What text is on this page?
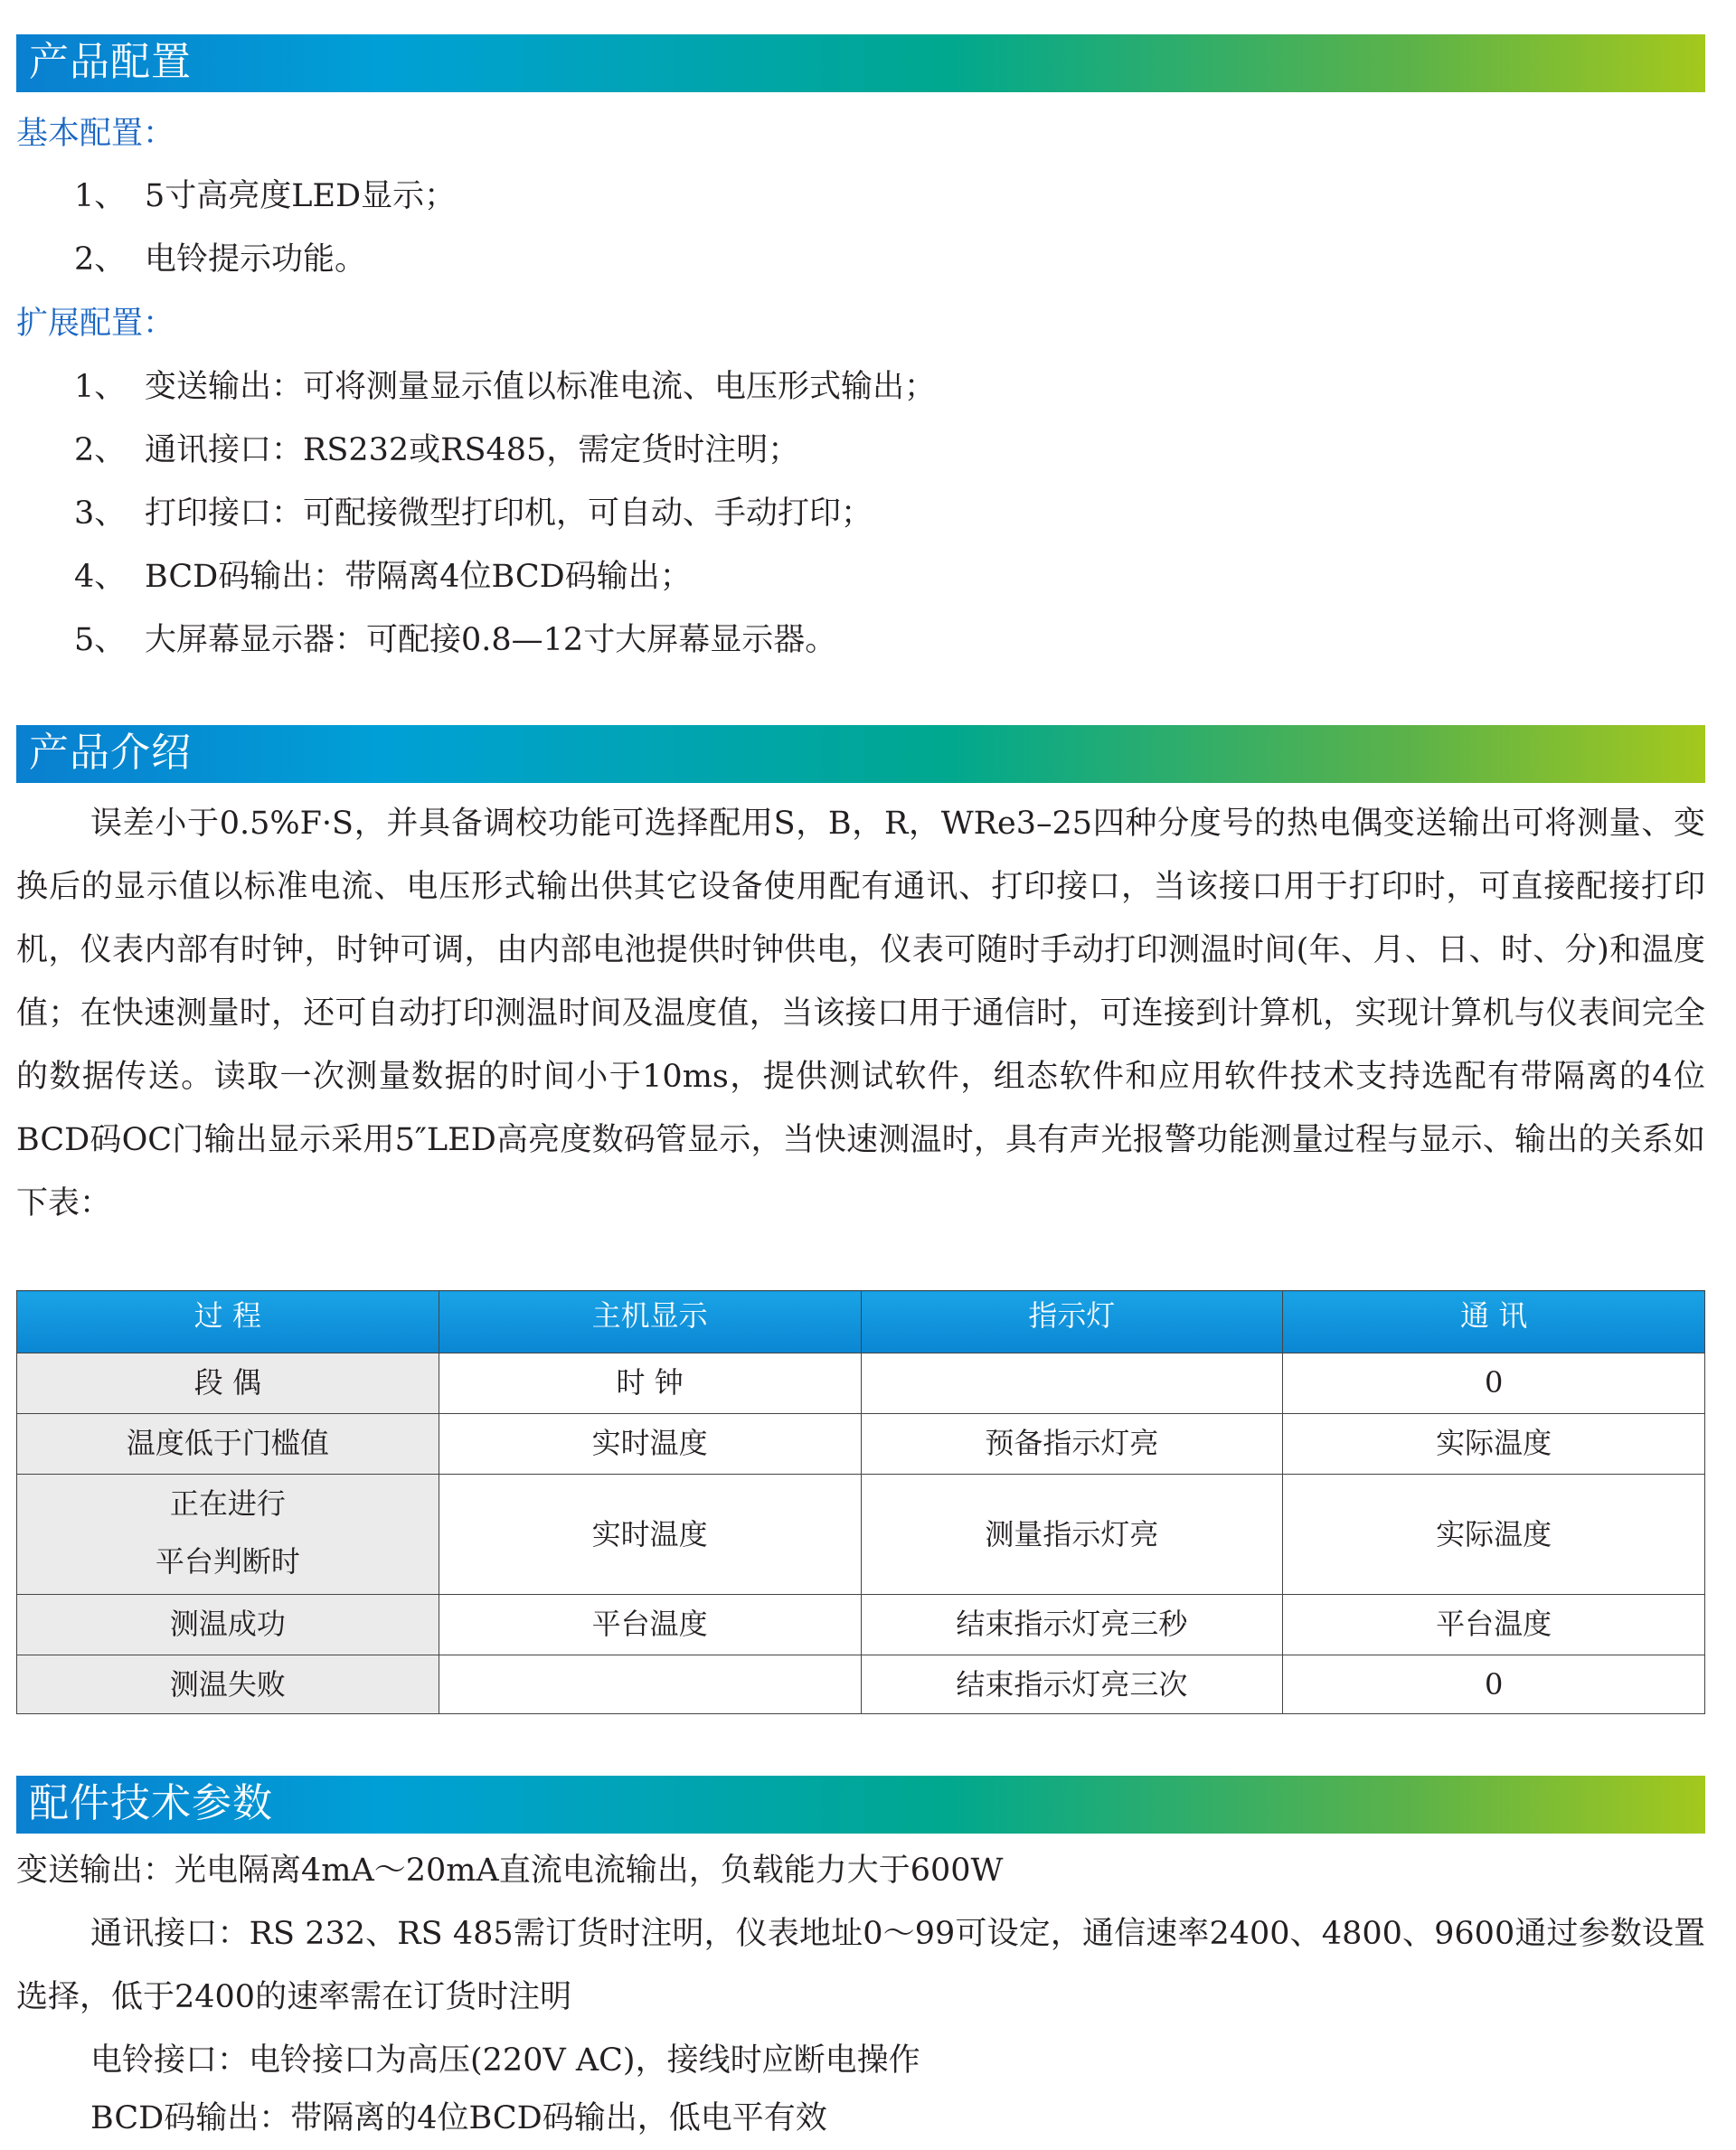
产品配置
基本配置：
1、 5寸高亮度LED显示；
2、 电铃提示功能。
扩展配置：
1、 变送输出：可将测量显示值以标准电流、电压形式输出；
2、 通讯接口：RS232或RS485，需定货时注明；
3、 打印接口：可配接微型打印机，可自动、手动打印；
4、 BCD码输出：带隔离4位BCD码输出；
5、 大屏幕显示器：可配接0.8—12寸大屏幕显示器。
产品介绍

误差小于0.5%F·S，并具备调校功能可选择配用S，B，R，WRe3–25四种分度号的热电偶变送输出可将测量、变换后的显示值以标准电流、电压形式输出供其它设备使用配有通讯、打印接口，当该接口用于打印时，可直接配接打印机，仪表内部有时钟，时钟可调，由内部电池提供时钟供电，仪表可随时手动打印测温时间(年、月、日、时、分)和温度值；在快速测量时，还可自动打印测温时间及温度值，当该接口用于通信时，可连接到计算机，实现计算机与仪表间完全的数据传送。读取一次测量数据的时间小于10ms，提供测试软件，组态软件和应用软件技术支持选配有带隔离的4位BCD码OC门输出显示采用5″LED高亮度数码管显示，当快速测温时，具有声光报警功能测量过程与显示、输出的关系如下表：

过 程	主机显示	指示灯	通 讯
段 偶	时 钟		0
温度低于门槛值	实时温度	预备指示灯亮	实际温度

正在进行
平台判断时	实时温度	测量指示灯亮	实际温度
测温成功	平台温度	结束指示灯亮三秒	平台温度
测温失败		结束指示灯亮三次	0
配件技术参数

变送输出：光电隔离4mA～20mA直流电流输出，负载能力大于600W

通讯接口：RS 232、RS 485需订货时注明，仪表地址0～99可设定，通信速率2400、4800、9600通过参数设置选择，低于2400的速率需在订货时注明

电铃接口：电铃接口为高压(220V AC)，接线时应断电操作

BCD码输出：带隔离的4位BCD码输出，低电平有效
